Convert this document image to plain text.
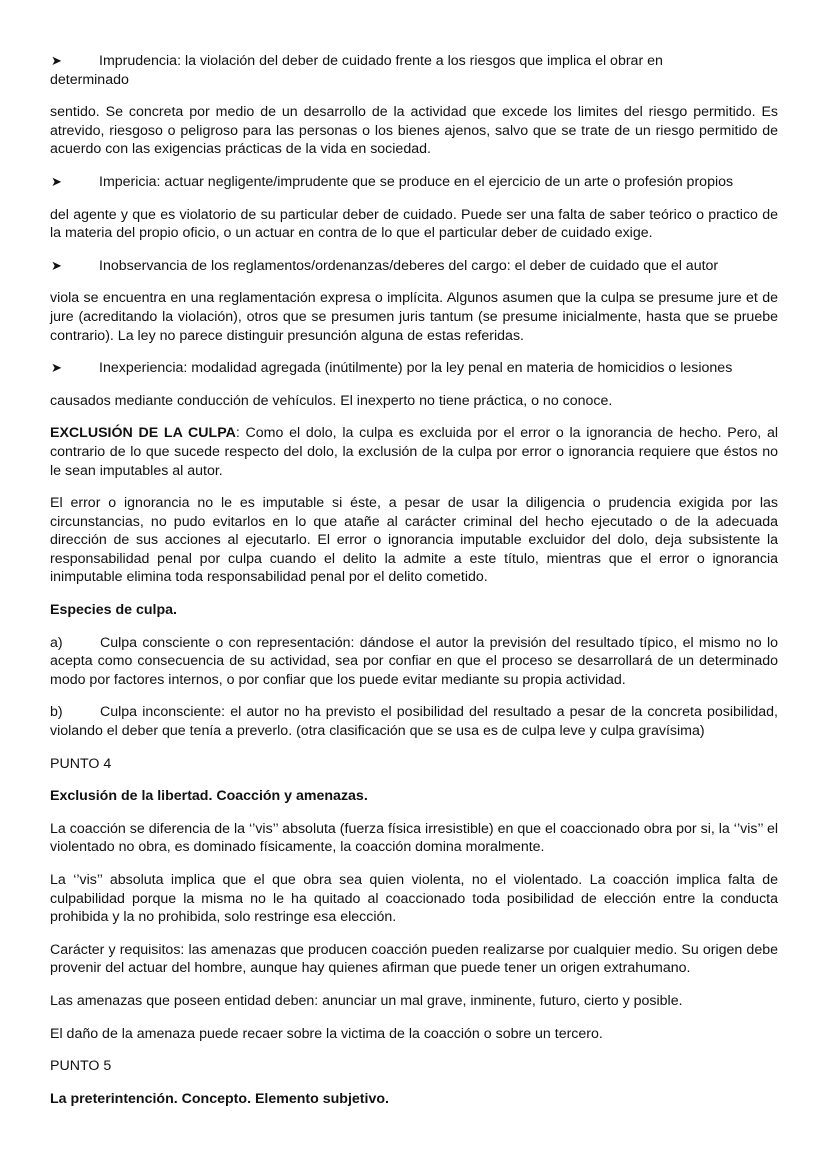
➤	Imprudencia: la violación del deber de cuidado frente a los riesgos que implica el obrar en

determinado

sentido. Se concreta por medio de un desarrollo de la actividad que excede los limites del riesgo permitido. Es atrevido, riesgoso o peligroso para las personas o los bienes ajenos, salvo que se trate de un riesgo permitido de acuerdo con las exigencias prácticas de la vida en sociedad.

➤	Impericia: actuar negligente/imprudente que se produce en el ejercicio de un arte o profesión propios

del agente y que es violatorio de su particular deber de cuidado. Puede ser una falta de saber teórico o practico de la materia del propio oficio, o un actuar en contra de lo que el particular deber de cuidado exige.

➤	Inobservancia de los reglamentos/ordenanzas/deberes del cargo: el deber de cuidado que el autor

viola se encuentra en una reglamentación expresa o implícita. Algunos asumen que la culpa se presume jure et de jure (acreditando la violación), otros que se presumen juris tantum (se presume inicialmente, hasta que se pruebe contrario). La ley no parece distinguir presunción alguna de estas referidas.

➤	Inexperiencia: modalidad agregada (inútilmente) por la ley penal en materia de homicidios o lesiones

causados mediante conducción de vehículos. El inexperto no tiene práctica, o no conoce.

EXCLUSIÓN DE LA CULPA: Como el dolo, la culpa es excluida por el error o la ignorancia de hecho. Pero, al contrario de lo que sucede respecto del dolo, la exclusión de la culpa por error o ignorancia requiere que éstos no le sean imputables al autor.

El error o ignorancia no le es imputable si éste, a pesar de usar la diligencia o prudencia exigida por las circunstancias, no pudo evitarlos en lo que atañe al carácter criminal del hecho ejecutado o de la adecuada dirección de sus acciones al ejecutarlo. El error o ignorancia imputable excluidor del dolo, deja subsistente la responsabilidad penal por culpa cuando el delito la admite a este título, mientras que el error o ignorancia inimputable elimina toda responsabilidad penal por el delito cometido.

Especies de culpa.

a)	Culpa consciente o con representación: dándose el autor la previsión del resultado típico, el mismo no lo acepta como consecuencia de su actividad, sea por confiar en que el proceso se desarrollará de un determinado modo por factores internos, o por confiar que los puede evitar mediante su propia actividad.

b)	Culpa inconsciente: el autor no ha previsto el posibilidad del resultado a pesar de la concreta posibilidad, violando el deber que tenía a preverlo. (otra clasificación que se usa es de culpa leve y culpa gravísima)

PUNTO 4

Exclusión de la libertad. Coacción y amenazas.

La coacción se diferencia de la ‘’vis’’ absoluta (fuerza física irresistible) en que el coaccionado obra por si, la ‘’vis’’ el violentado no obra, es dominado físicamente, la coacción domina moralmente.

La ‘’vis’’ absoluta implica que el que obra sea quien violenta, no el violentado. La coacción implica falta de culpabilidad porque la misma no le ha quitado al coaccionado toda posibilidad de elección entre la conducta prohibida y la no prohibida, solo restringe esa elección.

Carácter y requisitos: las amenazas que producen coacción pueden realizarse por cualquier medio. Su origen debe provenir del actuar del hombre, aunque hay quienes afirman que puede tener un origen extrahumano.

Las amenazas que poseen entidad deben: anunciar un mal grave, inminente, futuro, cierto y posible.

El daño de la amenaza puede recaer sobre la victima de la coacción o sobre un tercero.

PUNTO 5

La preterintención. Concepto. Elemento subjetivo.
